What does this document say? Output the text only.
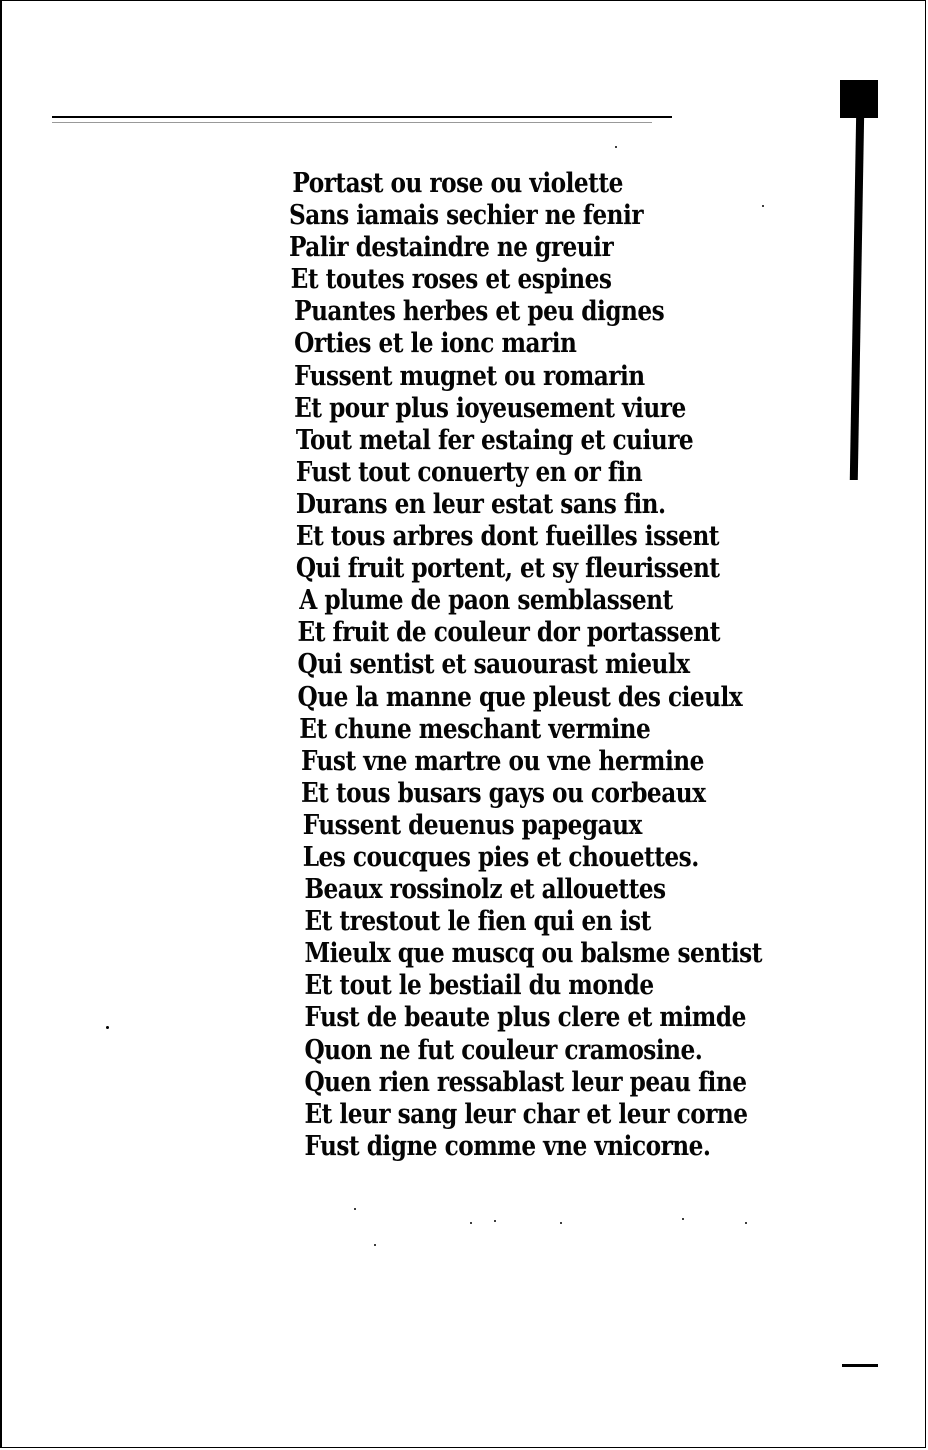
Portast ou rose ou violette
Sans iamais sechier ne fenir
Palir destaindre ne greuir
Et toutes roses et espines
Puantes herbes et peu dignes
Orties et le ionc marin
Fussent mugnet ou romarin
Et pour plus ioyeusement viure
Tout metal fer estaing et cuiure
Fust tout conuerty en or fin
Durans en leur estat sans fin.
Et tous arbres dont fueilles issent
Qui fruit portent, et sy fleurissent
A plume de paon semblassent
Et fruit de couleur dor portassent
Qui sentist et sauourast mieulx
Que la manne que pleust des cieulx
Et chune meschant vermine
Fust vne martre ou vne hermine
Et tous busars gays ou corbeaux
Fussent deuenus papegaux
Les coucques pies et chouettes.
Beaux rossinolz et allouettes
Et trestout le fien qui en ist
Mieulx que muscq ou balsme sentist
Et tout le bestiail du monde
Fust de beaute plus clere et mimde
Quon ne fut couleur cramosine.
Quen rien ressablast leur peau fine
Et leur sang leur char et leur corne
Fust digne comme vne vnicorne.
